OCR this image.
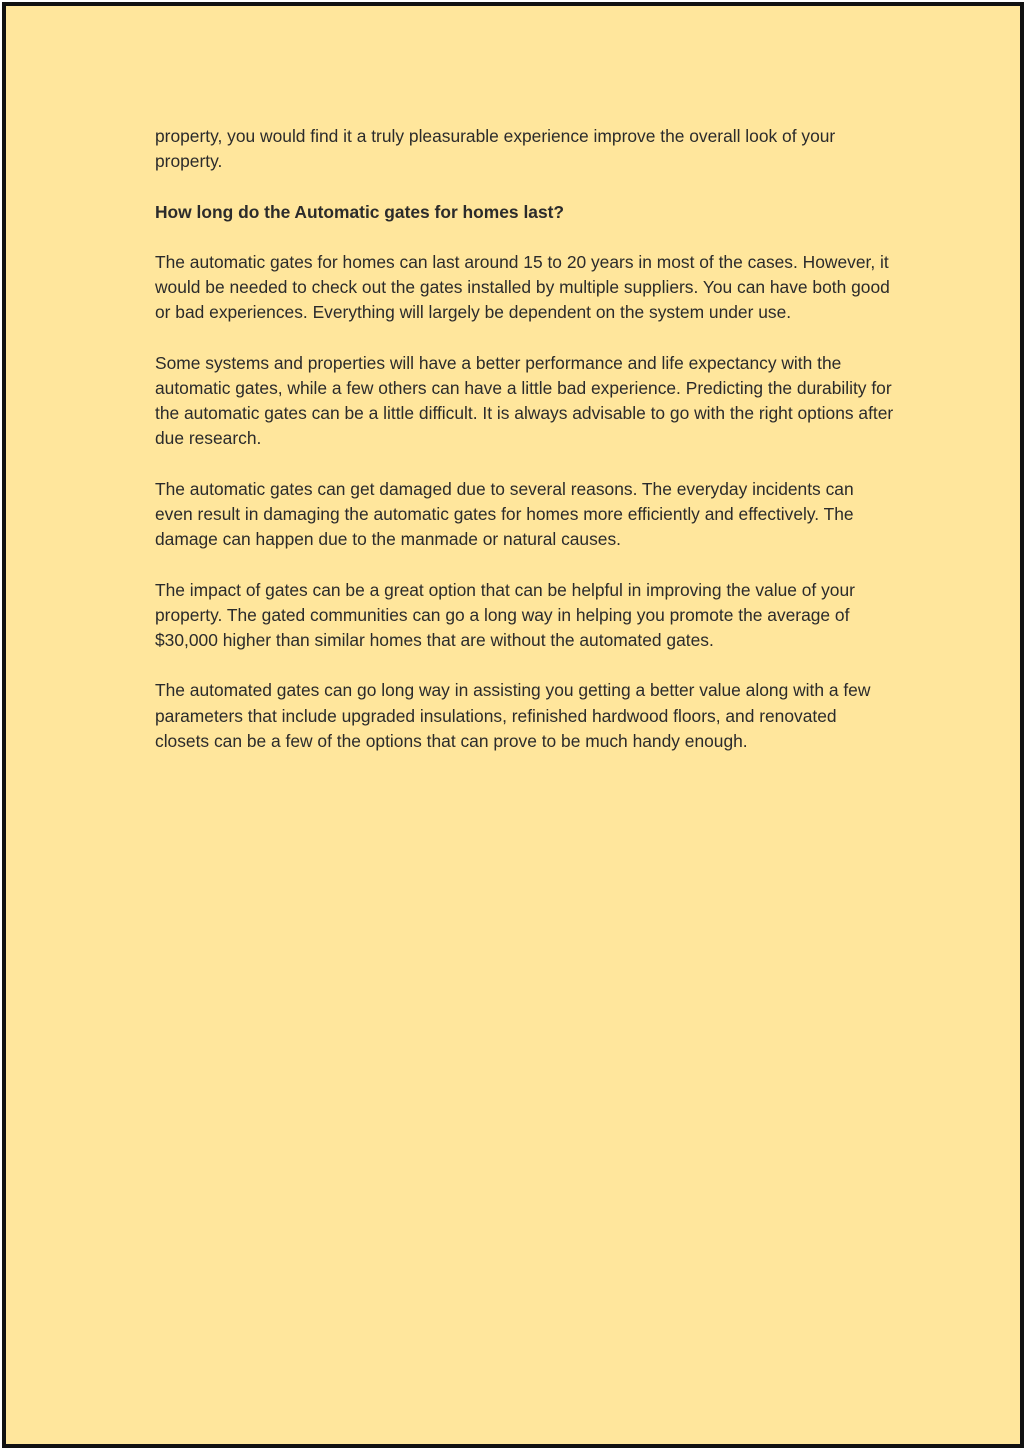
property, you would find it a truly pleasurable experience improve the overall look of your property.

How long do the Automatic gates for homes last?

The automatic gates for homes can last around 15 to 20 years in most of the cases. However, it would be needed to check out the gates installed by multiple suppliers. You can have both good or bad experiences. Everything will largely be dependent on the system under use.

Some systems and properties will have a better performance and life expectancy with the automatic gates, while a few others can have a little bad experience. Predicting the durability for the automatic gates can be a little difficult. It is always advisable to go with the right options after due research.

The automatic gates can get damaged due to several reasons. The everyday incidents can even result in damaging the automatic gates for homes more efficiently and effectively. The damage can happen due to the manmade or natural causes.

The impact of gates can be a great option that can be helpful in improving the value of your property. The gated communities can go a long way in helping you promote the average of $30,000 higher than similar homes that are without the automated gates.

The automated gates can go long way in assisting you getting a better value along with a few parameters that include upgraded insulations, refinished hardwood floors, and renovated closets can be a few of the options that can prove to be much handy enough.
